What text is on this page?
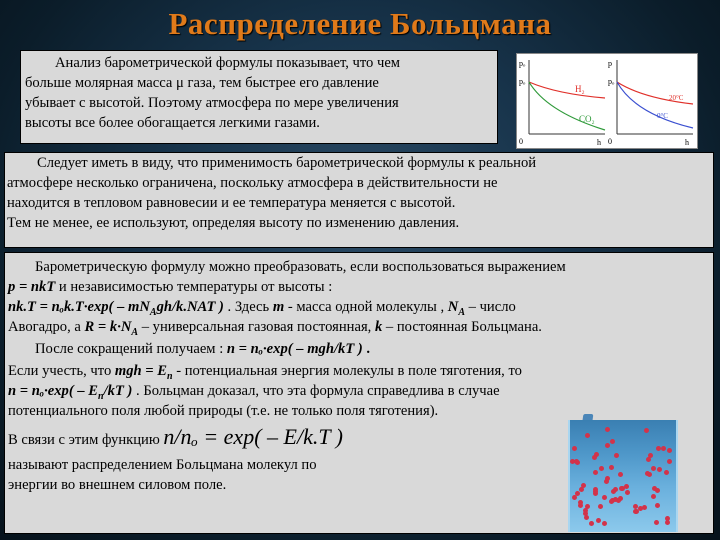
Распределение Больцмана

Анализ барометрической формулы показывает, что чем

больше молярная масса μ газа, тем быстрее его давление

убывает с высотой. Поэтому атмосфера по мере увеличения

высоты все более обогащается легкими газами.

pₒ
pₒ
0	h
H₂
CO₂
p
pₒ
0	h
20°C
0°C

Следует иметь в виду, что применимость барометрической формулы к реальной

атмосфере несколько ограничена, поскольку атмосфера в действительности не

находится в тепловом равновесии и ее температура меняется с высотой.

Тем не менее, ее используют, определяя высоту по изменению давления.

Барометрическую формулу можно преобразовать, если воспользоваться выражением
p = nkT и независимостью температуры от высоты :
$nk.T = n_ok.T\cdot\exp( - mN_Agh/k.NAT$ ) . Здесь m - масса одной молекулы , $N_A$ – число
Авогадро, а $R = k\cdot N_A$ – универсальная газовая постоянная, k – постоянная Больцмана.
После сокращений получаем : n = nₒ·exp( – mgh/kT ) .
Если учесть, что mgh = $E_п$ - потенциальная энергия молекулы в поле тяготения, то
$n = n_o\cdot\exp( - E_п/kT$ ) . Больцман доказал, что эта формула справедлива в случае
потенциального поля любой природы (т.е. не только поля тяготения).
В связи с этим функцию n/nₒ = exp( – E/k.T )
называют распределением Больцмана молекул по
энергии во внешнем силовом поле.
